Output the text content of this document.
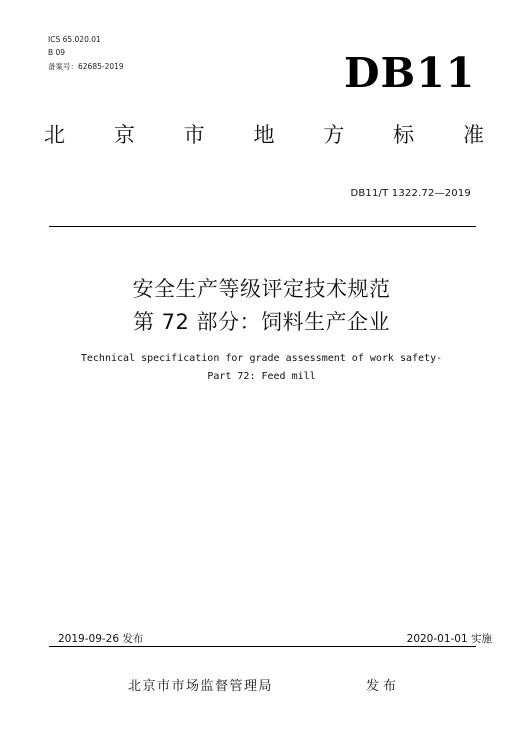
ICS 65.020.01
B 09
备案号：62685-2019	DB11
北 京 市 地 方 标 准
DB11/T 1322.72—2019
安全生产等级评定技术规范
第 72 部分：饲料生产企业
Technical specification for grade assessment of work safety-
Part 72: Feed mill
2019-09-26 发布	2020-01-01 实施
北京市市场监督管理局	发布
